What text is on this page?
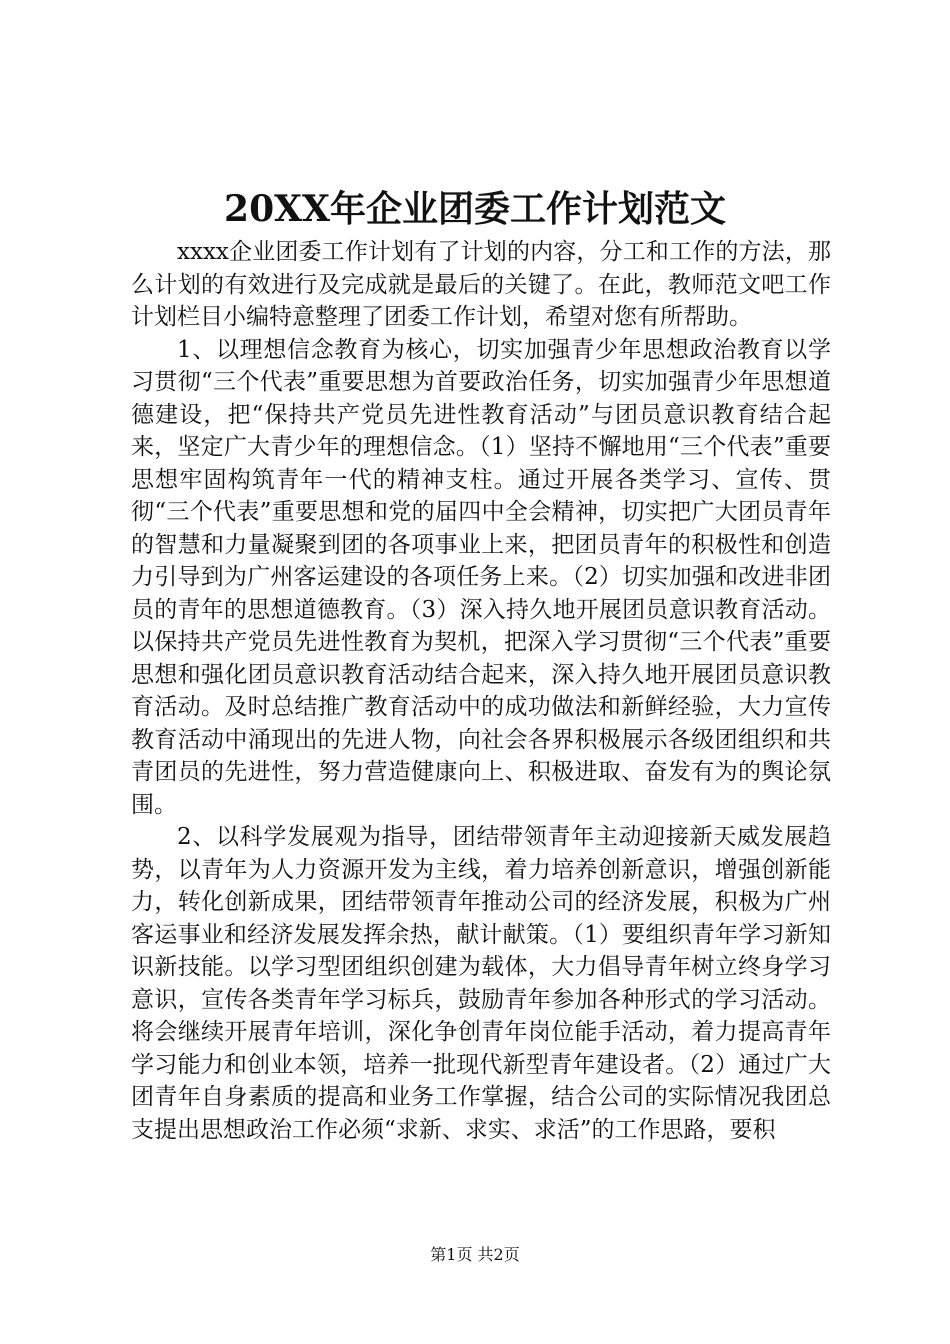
20XX年企业团委工作计划范文

xxxx企业团委工作计划有了计划的内容，分工和工作的方法，那么计划的有效进行及完成就是最后的关键了。在此，教师范文吧工作计划栏目小编特意整理了团委工作计划，希望对您有所帮助。

1、以理想信念教育为核心，切实加强青少年思想政治教育以学习贯彻“三个代表”重要思想为首要政治任务，切实加强青少年思想道德建设，把“保持共产党员先进性教育活动”与团员意识教育结合起来，坚定广大青少年的理想信念。（1）坚持不懈地用“三个代表”重要思想牢固构筑青年一代的精神支柱。通过开展各类学习、宣传、贯彻“三个代表”重要思想和党的届四中全会精神，切实把广大团员青年的智慧和力量凝聚到团的各项事业上来，把团员青年的积极性和创造力引导到为广州客运建设的各项任务上来。（2）切实加强和改进非团员的青年的思想道德教育。（3）深入持久地开展团员意识教育活动。以保持共产党员先进性教育为契机，把深入学习贯彻“三个代表”重要思想和强化团员意识教育活动结合起来，深入持久地开展团员意识教育活动。及时总结推广教育活动中的成功做法和新鲜经验，大力宣传教育活动中涌现出的先进人物，向社会各界积极展示各级团组织和共青团员的先进性，努力营造健康向上、积极进取、奋发有为的舆论氛围。

2、以科学发展观为指导，团结带领青年主动迎接新天威发展趋势，以青年为人力资源开发为主线，着力培养创新意识，增强创新能力，转化创新成果，团结带领青年推动公司的经济发展，积极为广州客运事业和经济发展发挥余热，献计献策。（1）要组织青年学习新知识新技能。以学习型团组织创建为载体，大力倡导青年树立终身学习意识，宣传各类青年学习标兵，鼓励青年参加各种形式的学习活动。将会继续开展青年培训，深化争创青年岗位能手活动，着力提高青年学习能力和创业本领，培养一批现代新型青年建设者。（2）通过广大团青年自身素质的提高和业务工作掌握，结合公司的实际情况我团总支提出思想政治工作必须“求新、求实、求活”的工作思路，要积

第1页 共2页
